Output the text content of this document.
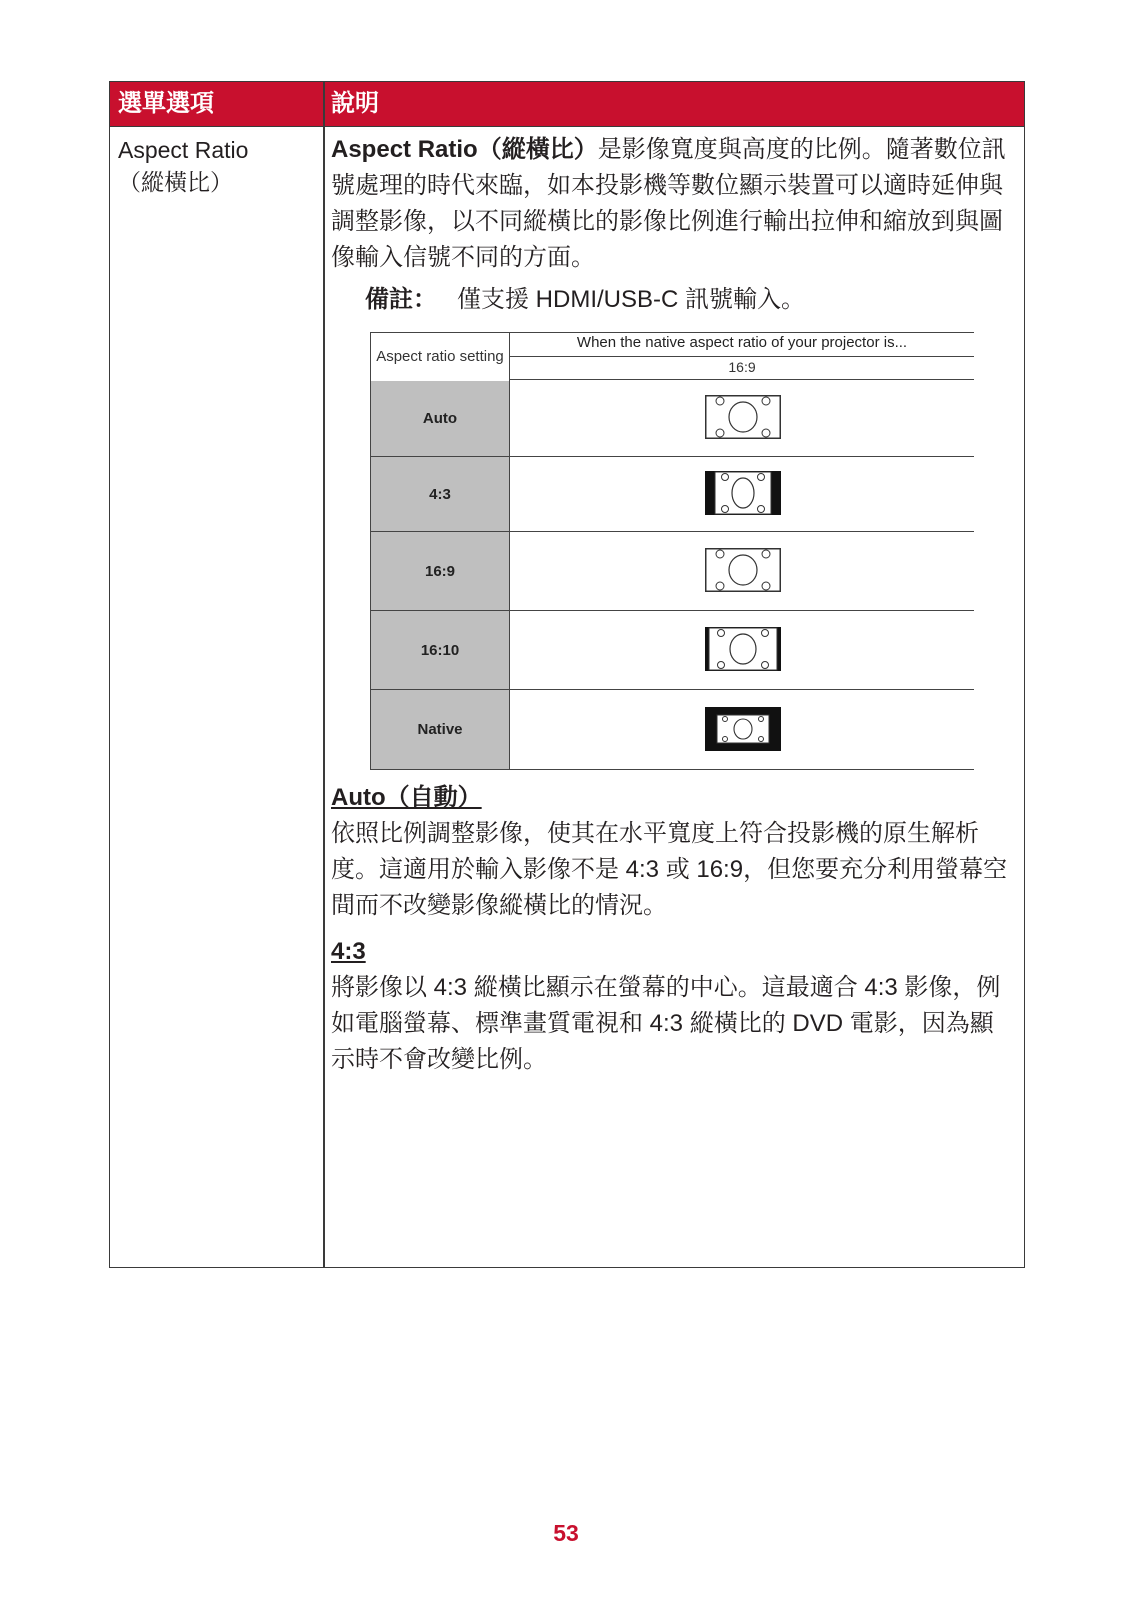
選單選項	說明
Aspect Ratio
（縱橫比）

Aspect Ratio（縱橫比）是影像寬度與高度的比例。隨著數位訊號處理的時代來臨，如本投影機等數位顯示裝置可以適時延伸與調整影像，以不同縱橫比的影像比例進行輸出拉伸和縮放到與圖像輸入信號不同的方面。

備註： 僅支援 HDMI/USB-C 訊號輸入。

Aspect ratio setting
Auto
4:3
16:9
16:10
Native
When the native aspect ratio of your projector is...
16:9

Auto（自動）

依照比例調整影像，使其在水平寬度上符合投影機的原生解析度。這適用於輸入影像不是 4:3 或 16:9，但您要充分利用螢幕空間而不改變影像縱橫比的情況。

4:3

將影像以 4:3 縱橫比顯示在螢幕的中心。這最適合 4:3 影像，例如電腦螢幕、標準畫質電視和 4:3 縱橫比的 DVD 電影，因為顯示時不會改變比例。

53
